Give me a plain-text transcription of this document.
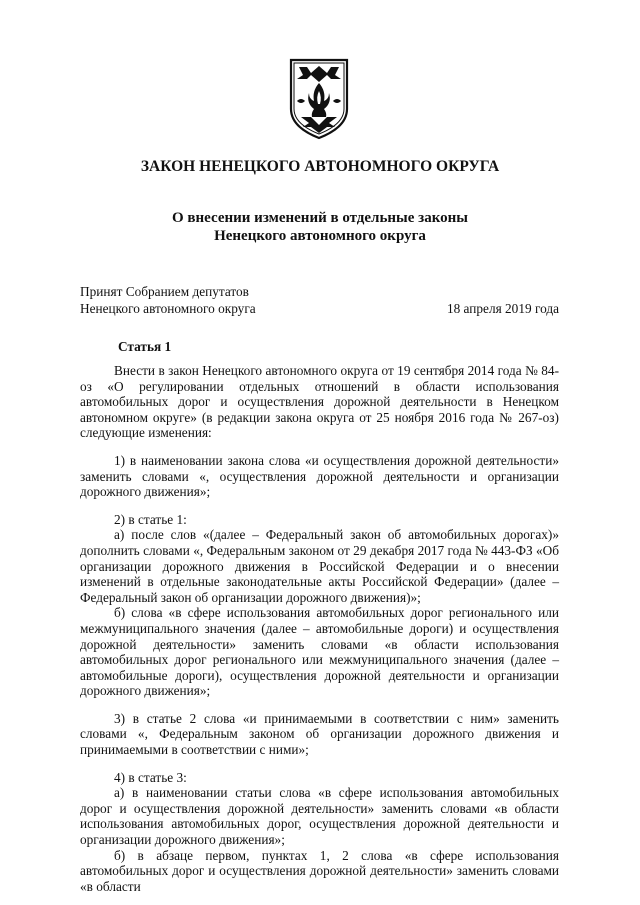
ЗАКОН НЕНЕЦКОГО АВТОНОМНОГО ОКРУГА
О внесении изменений в отдельные законы
Ненецкого автономного округа
Принят Собранием депутатов
Ненецкого автономного округа	18 апреля 2019 года
Статья 1

Внести в закон Ненецкого автономного округа от 19 сентября 2014 года № 84-оз «О регулировании отдельных отношений в области использования автомобильных дорог и осуществления дорожной деятельности в Ненецком автономном округе» (в редакции закона округа от 25 ноября 2016 года № 267-оз) следующие изменения:

1) в наименовании закона слова «и осуществления дорожной деятельности» заменить словами «, осуществления дорожной деятельности и организации дорожного движения»;

2) в статье 1:

а) после слов «(далее – Федеральный закон об автомобильных дорогах)» дополнить словами «, Федеральным законом от 29 декабря 2017 года № 443-ФЗ «Об организации дорожного движения в Российской Федерации и о внесении изменений в отдельные законодательные акты Российской Федерации» (далее – Федеральный закон об организации дорожного движения)»;

б) слова «в сфере использования автомобильных дорог регионального или межмуниципального значения (далее – автомобильные дороги) и осуществления дорожной деятельности» заменить словами «в области использования автомобильных дорог регионального или межмуниципального значения (далее – автомобильные дороги), осуществления дорожной деятельности и организации дорожного движения»;

3) в статье 2 слова «и принимаемыми в соответствии с ним» заменить словами «, Федеральным законом об организации дорожного движения и принимаемыми в соответствии с ними»;

4) в статье 3:

а) в наименовании статьи слова «в сфере использования автомобильных дорог и осуществления дорожной деятельности» заменить словами «в области использования автомобильных дорог, осуществления дорожной деятельности и организации дорожного движения»;

б) в абзаце первом, пунктах 1, 2 слова «в сфере использования автомобильных дорог и осуществления дорожной деятельности» заменить словами «в области
